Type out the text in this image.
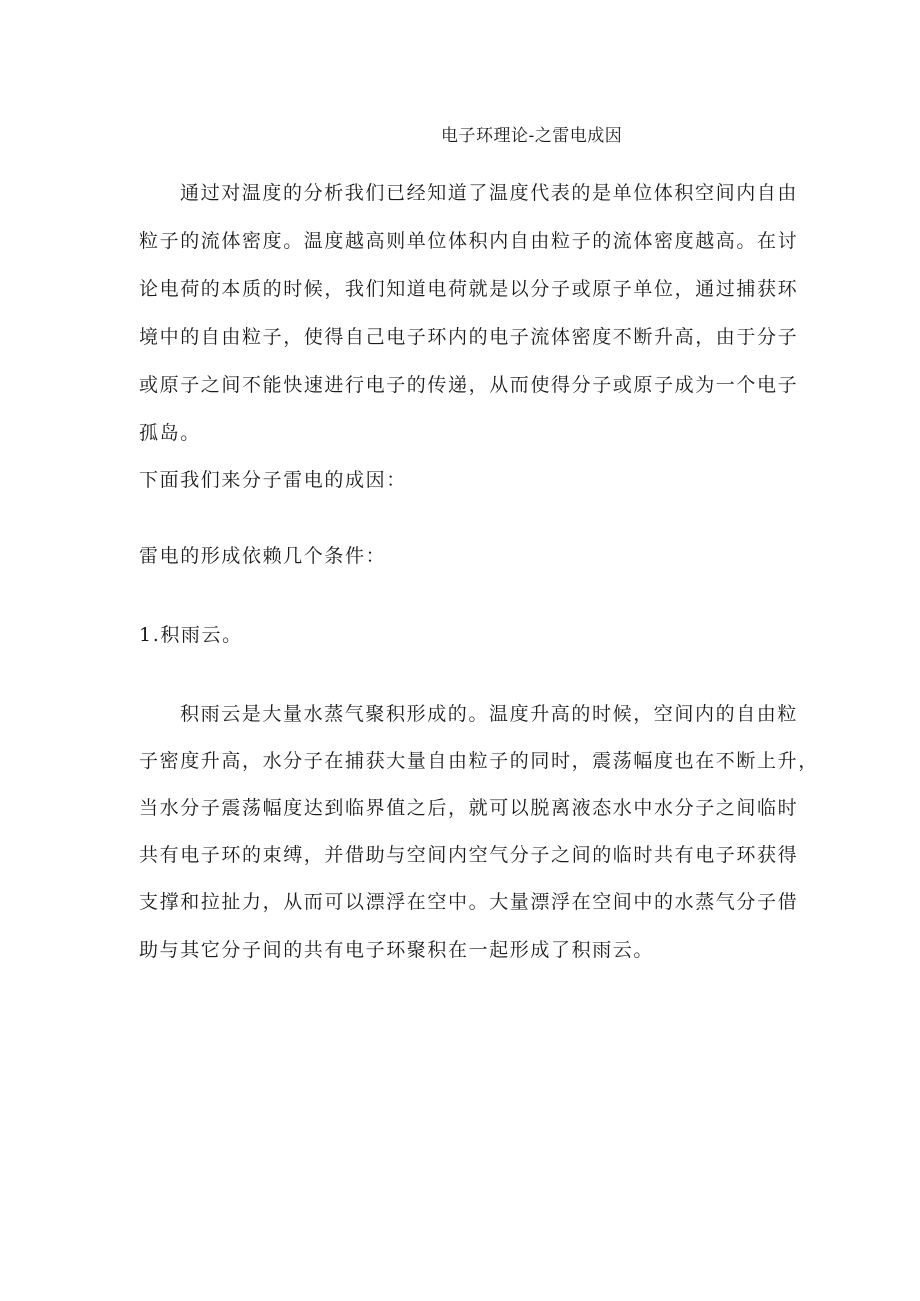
电子环理论-之雷电成因
通过对温度的分析我们已经知道了温度代表的是单位体积空间内自由
粒子的流体密度。温度越高则单位体积内自由粒子的流体密度越高。在讨
论电荷的本质的时候，我们知道电荷就是以分子或原子单位，通过捕获环
境中的自由粒子，使得自己电子环内的电子流体密度不断升高，由于分子
或原子之间不能快速进行电子的传递，从而使得分子或原子成为一个电子
孤岛。
下面我们来分子雷电的成因：
雷电的形成依赖几个条件：
1.积雨云。
积雨云是大量水蒸气聚积形成的。温度升高的时候，空间内的自由粒
子密度升高，水分子在捕获大量自由粒子的同时，震荡幅度也在不断上升，
当水分子震荡幅度达到临界值之后，就可以脱离液态水中水分子之间临时
共有电子环的束缚，并借助与空间内空气分子之间的临时共有电子环获得
支撑和拉扯力，从而可以漂浮在空中。大量漂浮在空间中的水蒸气分子借
助与其它分子间的共有电子环聚积在一起形成了积雨云。
